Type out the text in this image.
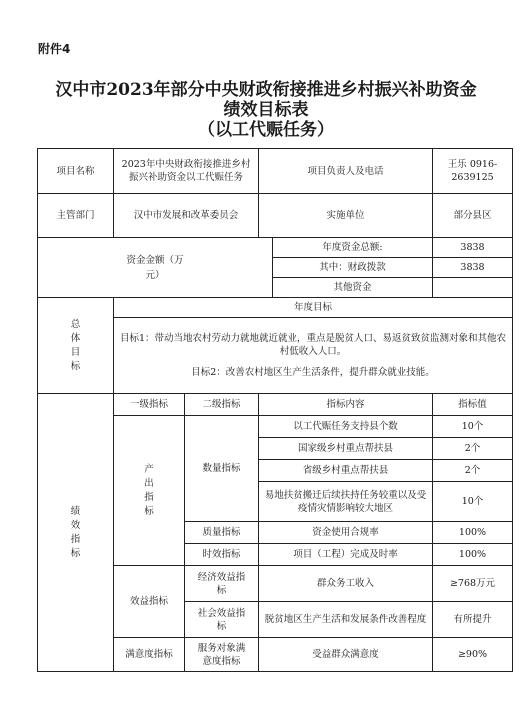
附件4
汉中市2023年部分中央财政衔接推进乡村振兴补助资金
绩效目标表
（以工代赈任务）
项目名称	2023年中央财政衔接推进乡村振兴补助资金以工代赈任务		项目负责人及电话		王乐 0916-2639125
主管部门	汉中市发展和改革委员会		实施单位		部分县区

资金金额（万元）				年度资金总额:	3838
				其中：财政拨款	3838
				其他资金	
总体目标	年度目标				

	目标1：带动当地农村劳动力就地就近就业，重点是脱贫人口、易返贫致贫监测对象和其他农村低收入人口。
目标2：改善农村地区生产生活条件，提升群众就业技能。				

绩效指标	一级指标	二级指标	指标内容		指标值
	产出指标	数量指标	以工代赈任务支持县个数		10个
			国家级乡村重点帮扶县		2个
			省级乡村重点帮扶县		2个
			易地扶贫搬迁后续扶持任务较重以及受疫情灾情影响较大地区		10个
		质量指标	资金使用合规率		100%
		时效指标	项目（工程）完成及时率		100%
	效益指标	经济效益指标	群众务工收入		≥768万元

		社会效益指标	脱贫地区生产生活和发展条件改善程度		有所提升
	满意度指标	服务对象满意度指标	受益群众满意度		≥90%
